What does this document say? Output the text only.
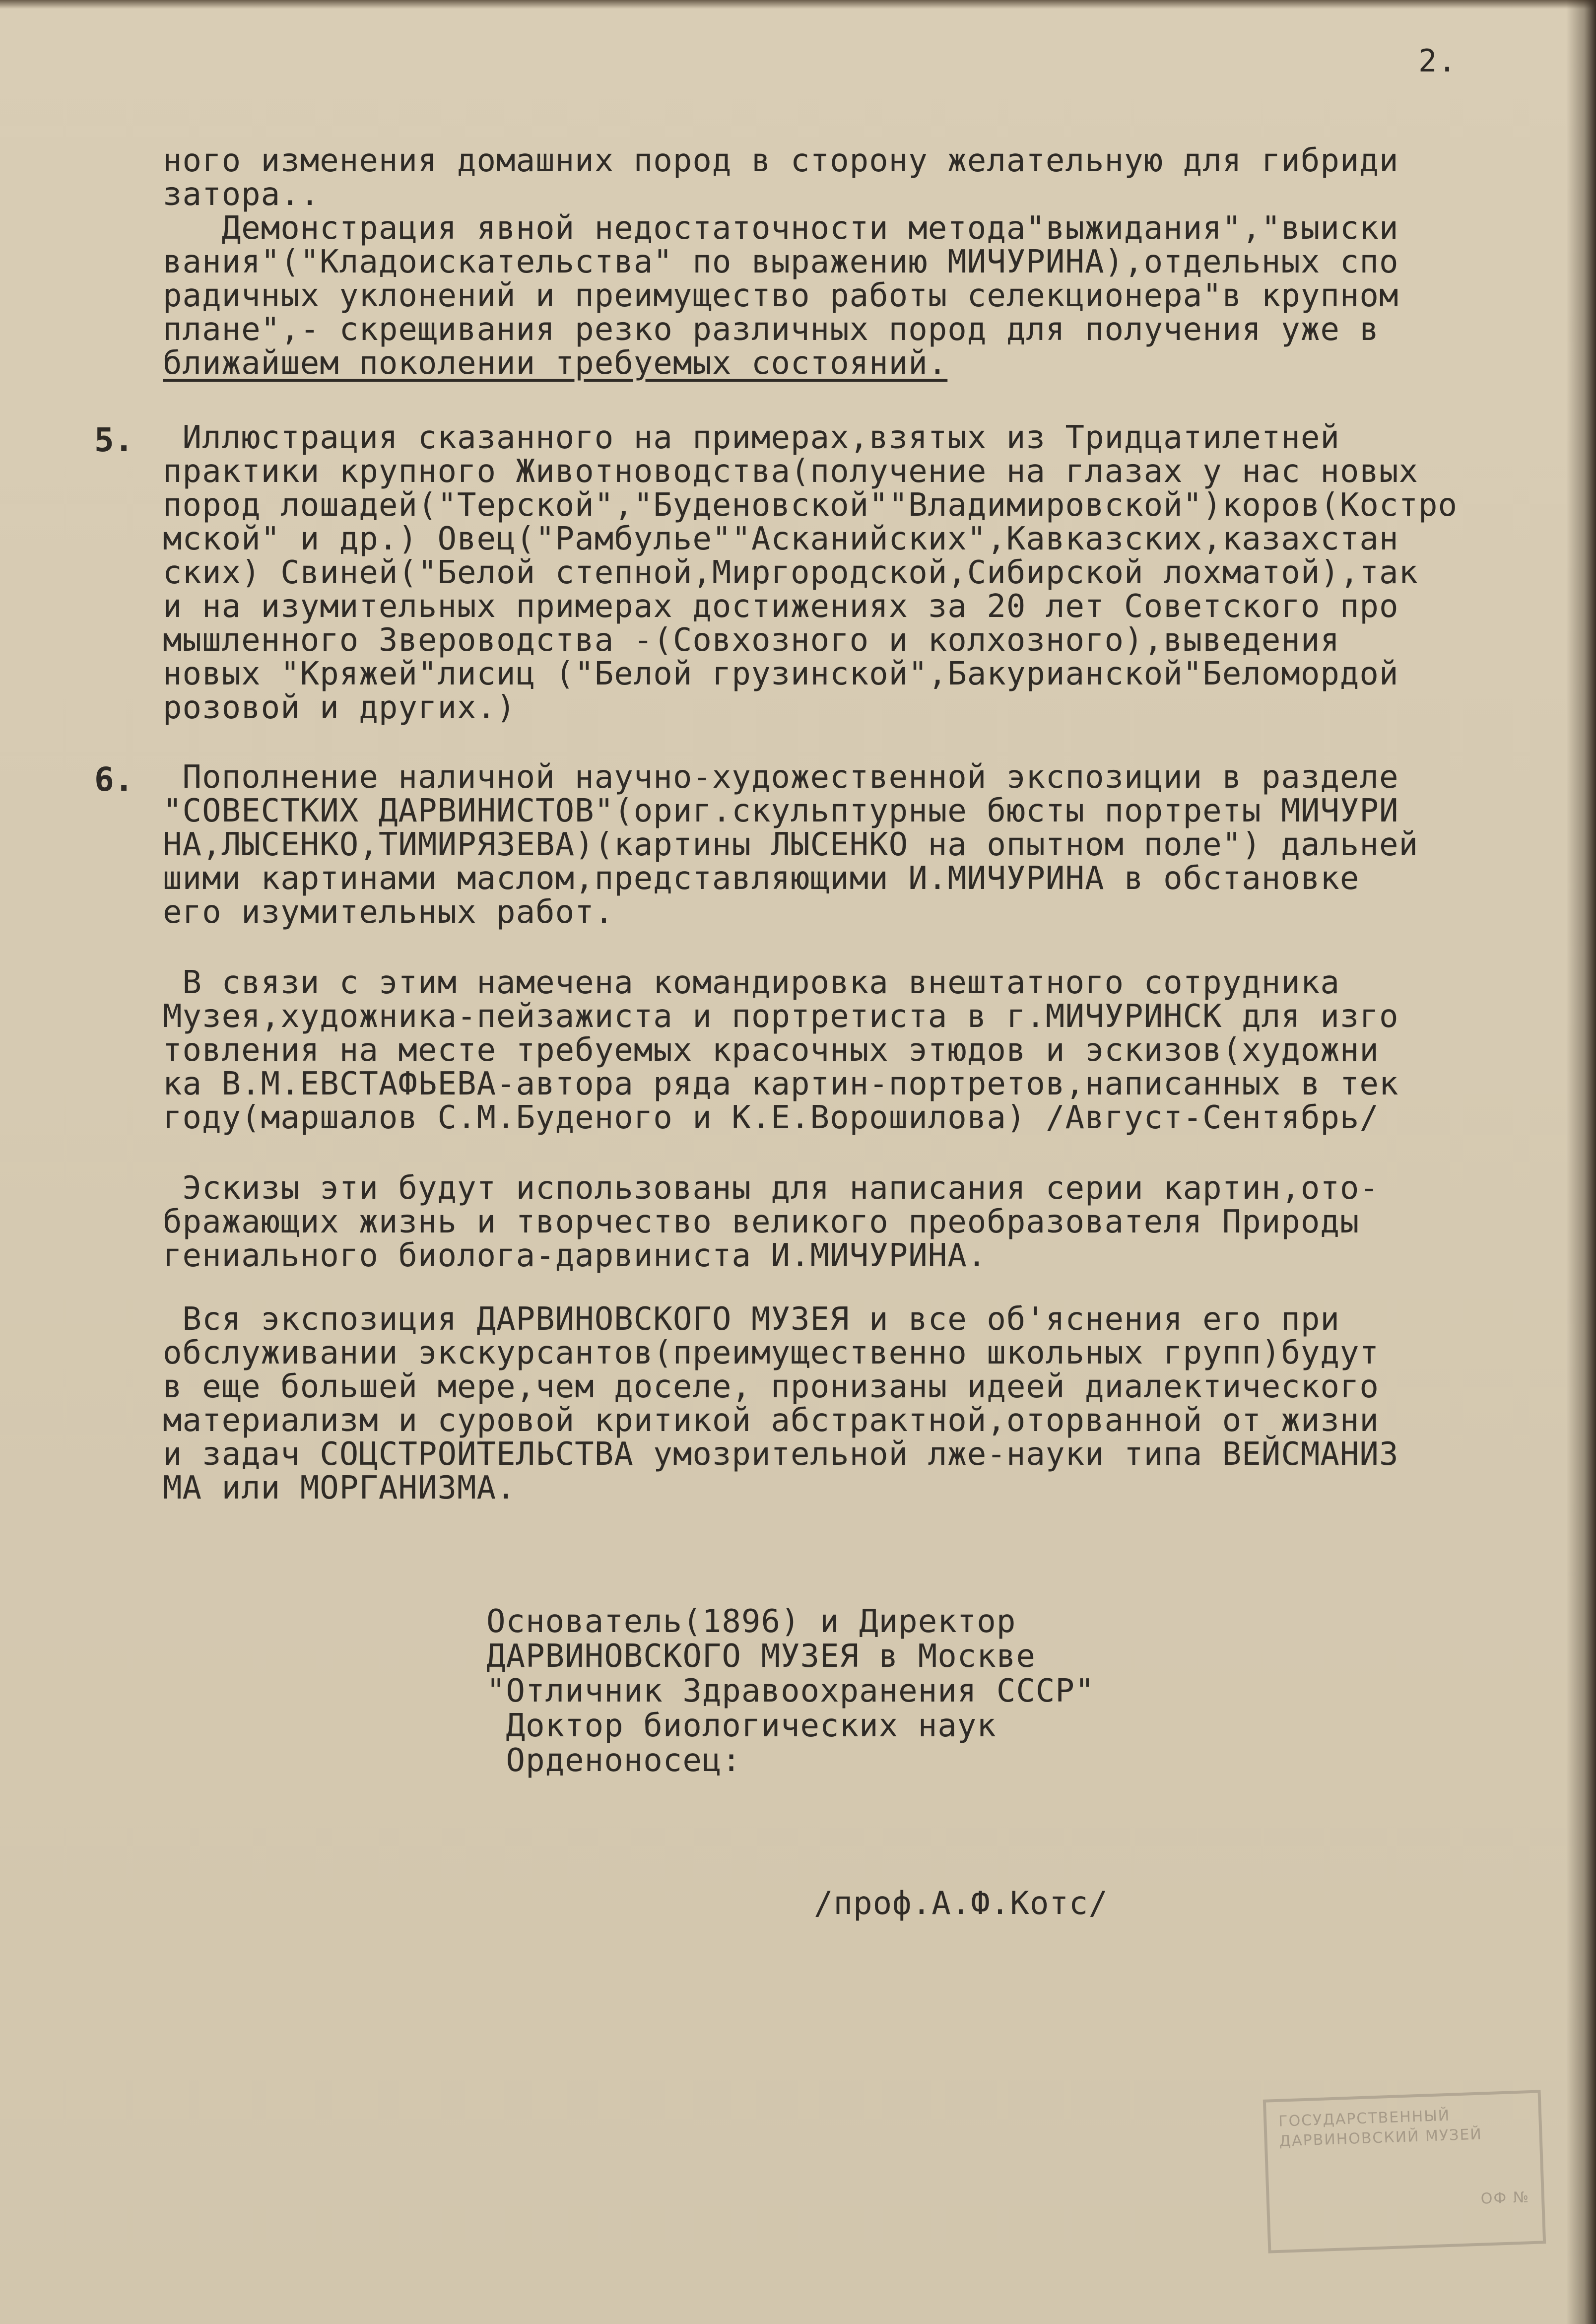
2.
ного изменения домашних пород в сторону желательную для гибриди
затора..
Демонстрация явной недостаточности метода"выжидания","выиски
вания"("Кладоискательства" по выражению МИЧУРИНА),отдельных спо
радичных уклонений и преимущество работы селекционера"в крупном
плане",- скрещивания резко различных пород для получения уже в
ближайшем поколении требуемых состояний.
5. Иллюстрация сказанного на примерах,взятых из Тридцатилетней
практики крупного Животноводства(получение на глазах у нас новых
пород лошадей("Терской","Буденовской""Владимировской")коров(Костро
мской" и др.) Овец("Рамбулье""Асканийских",Кавказских,казахстан
ских) Свиней("Белой степной,Миргородской,Сибирской лохматой),так
и на изумительных примерах достижениях за 20 лет Советского про
мышленного Звероводства -(Совхозного и колхозного),выведения
новых "Кряжей"лисиц ("Белой грузинской",Бакурианской"Беломордой
розовой и других.)
6. Пополнение наличной научно-художественной экспозиции в разделе
"СОВЕСТКИХ ДАРВИНИСТОВ"(ориг.скульптурные бюсты портреты МИЧУРИ
НА,ЛЫСЕНКО,ТИМИРЯЗЕВА)(картины ЛЫСЕНКО на опытном поле") дальней
шими картинами маслом,представляющими И.МИЧУРИНА в обстановке
его изумительных работ.
В связи с этим намечена командировка внештатного сотрудника
Музея,художника-пейзажиста и портретиста в г.МИЧУРИНСК для изго
товления на месте требуемых красочных этюдов и эскизов(художни
ка В.М.ЕВСТАФЬЕВА-автора ряда картин-портретов,написанных в тек
году(маршалов С.М.Буденого и К.Е.Ворошилова) /Август-Сентябрь/
Эскизы эти будут использованы для написания серии картин,ото-
бражающих жизнь и творчество великого преобразователя Природы
гениального биолога-дарвиниста И.МИЧУРИНА.
Вся экспозиция ДАРВИНОВСКОГО МУЗЕЯ и все об'яснения его при
обслуживании экскурсантов(преимущественно школьных групп)будут
в еще большей мере,чем доселе, пронизаны идеей диалектического
материализм и суровой критикой абстрактной,оторванной от жизни
и задач СОЦСТРОИТЕЛЬСТВА умозрительной лже-науки типа ВЕЙСМАНИЗ
МА или МОРГАНИЗМА.
Основатель(1896) и Директор
ДАРВИНОВСКОГО МУЗЕЯ в Москве
"Отличник Здравоохранения СССР"
Доктор биологических наук
Орденоносец:
/проф.А.Ф.Котс/
ГОСУДАРСТВЕННЫЙ
ДАРВИНОВСКИЙ МУЗЕЙ
ОФ №
